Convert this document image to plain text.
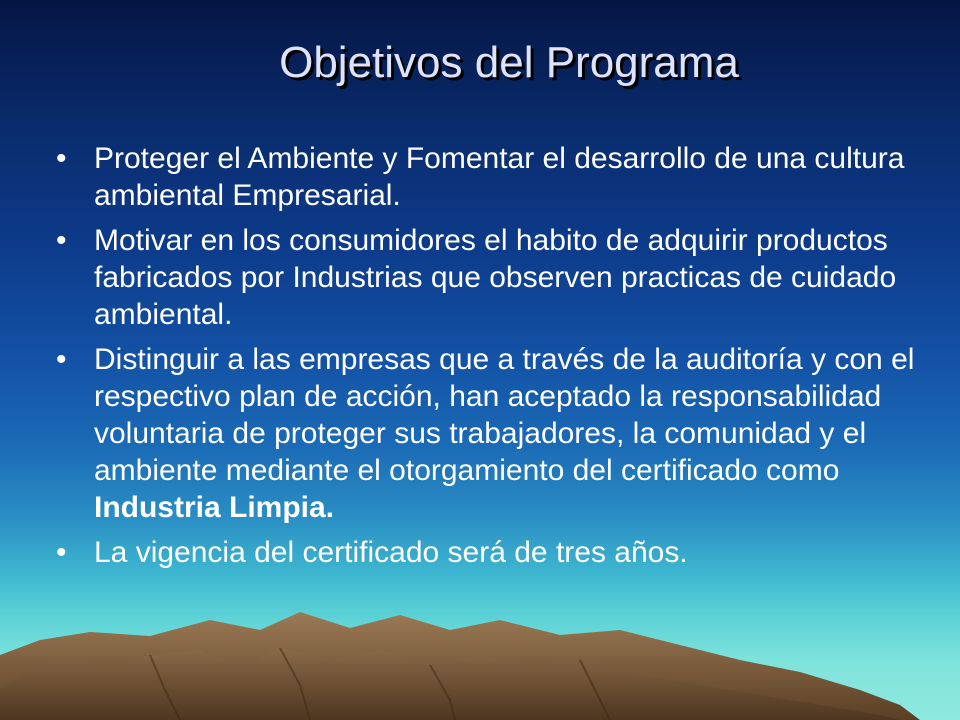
Objetivos del Programa
• Proteger el Ambiente y Fomentar el desarrollo de una cultura ambiental Empresarial.
• Motivar en los consumidores el habito de adquirir productos fabricados por Industrias que observen practicas de cuidado ambiental.
• Distinguir a las empresas que a través de la auditoría y con el respectivo plan de acción, han aceptado la responsabilidad voluntaria de proteger sus trabajadores, la comunidad y el ambiente mediante el otorgamiento del certificado como Industria Limpia.
• La vigencia del certificado será de tres años.
